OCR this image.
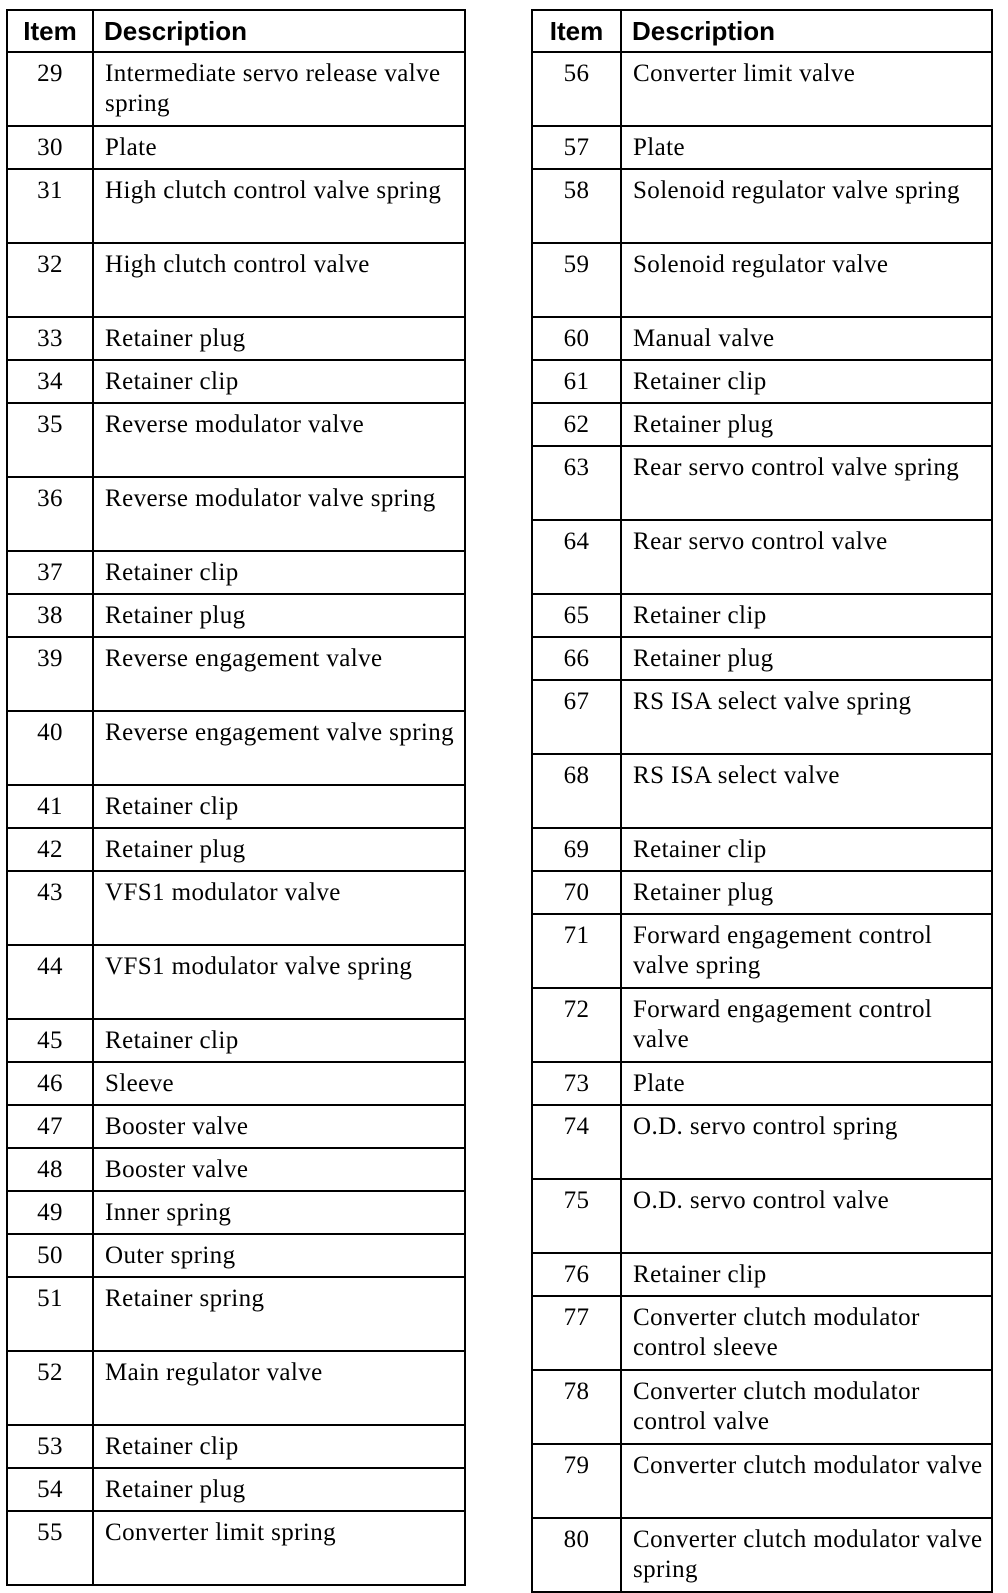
Item	Description
29	Intermediate servo release valve spring
30	Plate
31	High clutch control valve spring
32	High clutch control valve
33	Retainer plug
34	Retainer clip
35	Reverse modulator valve
36	Reverse modulator valve spring
37	Retainer clip
38	Retainer plug
39	Reverse engagement valve
40	Reverse engagement valve spring
41	Retainer clip
42	Retainer plug
43	VFS1 modulator valve
44	VFS1 modulator valve spring
45	Retainer clip
46	Sleeve
47	Booster valve
48	Booster valve
49	Inner spring
50	Outer spring
51	Retainer spring
52	Main regulator valve
53	Retainer clip
54	Retainer plug
55	Converter limit spring
Item	Description
56	Converter limit valve
57	Plate
58	Solenoid regulator valve spring
59	Solenoid regulator valve
60	Manual valve
61	Retainer clip
62	Retainer plug
63	Rear servo control valve spring
64	Rear servo control valve
65	Retainer clip
66	Retainer plug
67	RS ISA select valve spring
68	RS ISA select valve
69	Retainer clip
70	Retainer plug
71	Forward engagement control valve spring
72	Forward engagement control valve
73	Plate
74	O.D. servo control spring
75	O.D. servo control valve
76	Retainer clip
77	Converter clutch modulator control sleeve
78	Converter clutch modulator control valve
79	Converter clutch modulator valve
80	Converter clutch modulator valve spring
